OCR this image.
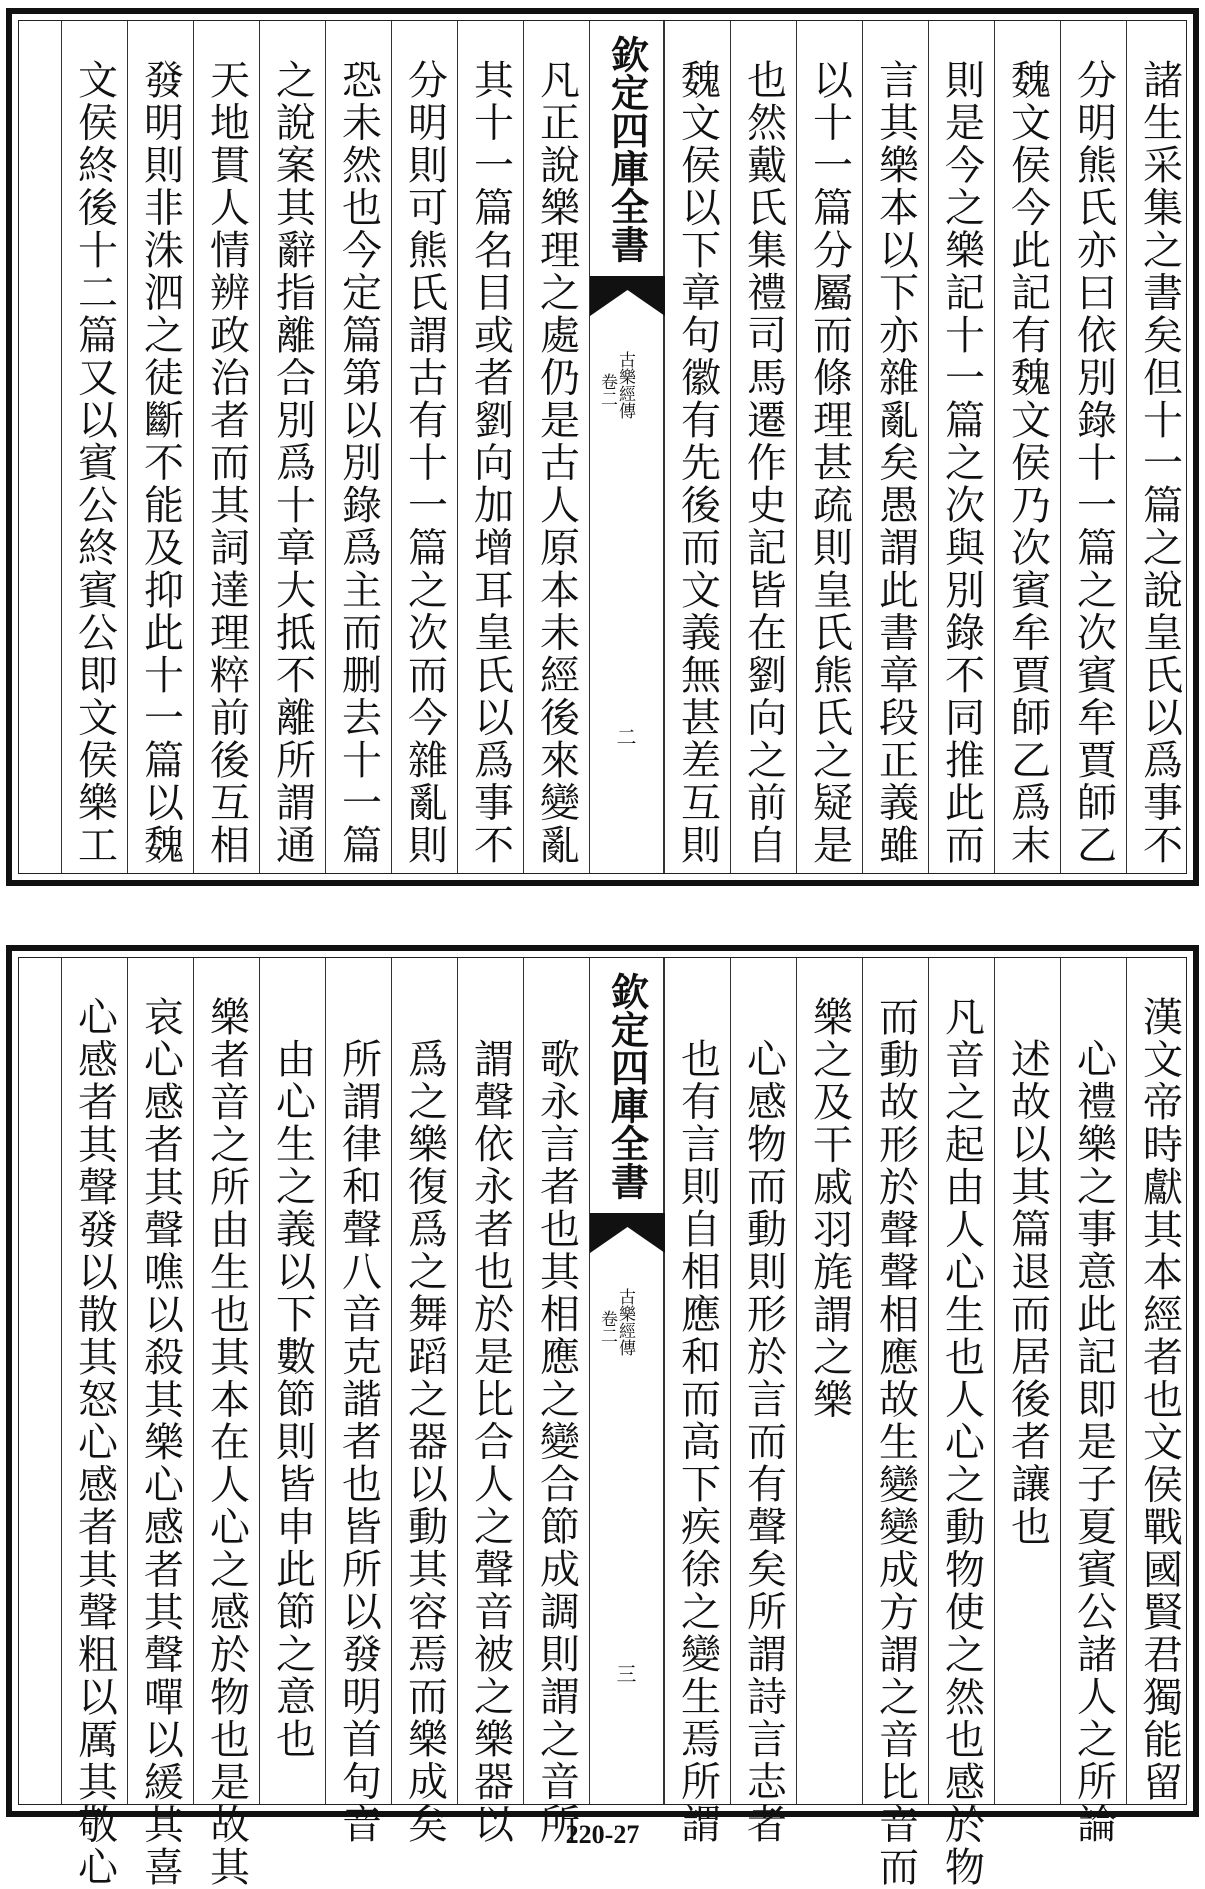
諸生采集之書矣但十一篇之說皇氏以爲事不
分明熊氏亦曰依別錄十一篇之次賓牟賈師乙
魏文侯今此記有魏文侯乃次賓牟賈師乙爲末
則是今之樂記十一篇之次與別錄不同推此而
言其樂本以下亦雜亂矣愚謂此書章段正義雖
以十一篇分屬而條理甚疏則皇氏熊氏之疑是
也然戴氏集禮司馬遷作史記皆在劉向之前自
魏文侯以下章句徽有先後而文義無甚差互則
欽定四庫全書
古樂經傳
卷二
二
凡正說樂理之處仍是古人原本未經後來變亂
其十一篇名目或者劉向加增耳皇氏以爲事不
分明則可熊氏謂古有十一篇之次而今雜亂則
恐未然也今定篇第以別錄爲主而删去十一篇
之說案其辭指離合別爲十章大抵不離所謂通
天地貫人情辨政治者而其詞達理粹前後互相
發明則非洙泗之徒斷不能及抑此十一篇以魏
文侯終後十二篇又以賓公終賓公即文侯樂工
漢文帝時獻其本經者也文侯戰國賢君獨能留
心禮樂之事意此記即是子夏賓公諸人之所論
述故以其篇退而居後者讓也
凡音之起由人心生也人心之動物使之然也感於物
而動故形於聲聲相應故生變變成方謂之音比音而
樂之及干戚羽旄謂之樂
心感物而動則形於言而有聲矣所謂詩言志者
也有言則自相應和而高下疾徐之變生焉所謂
欽定四庫全書
古樂經傳
卷二
三
歌永言者也其相應之變合節成調則謂之音所
謂聲依永者也於是比合人之聲音被之樂器以
爲之樂復爲之舞蹈之器以動其容焉而樂成矣
所謂律和聲八音克諧者也皆所以發明首句音
由心生之義以下數節則皆申此節之意也
樂者音之所由生也其本在人心之感於物也是故其
哀心感者其聲噍以殺其樂心感者其聲嘽以緩其喜
心感者其聲發以散其怒心感者其聲粗以厲其敬心	220-27
